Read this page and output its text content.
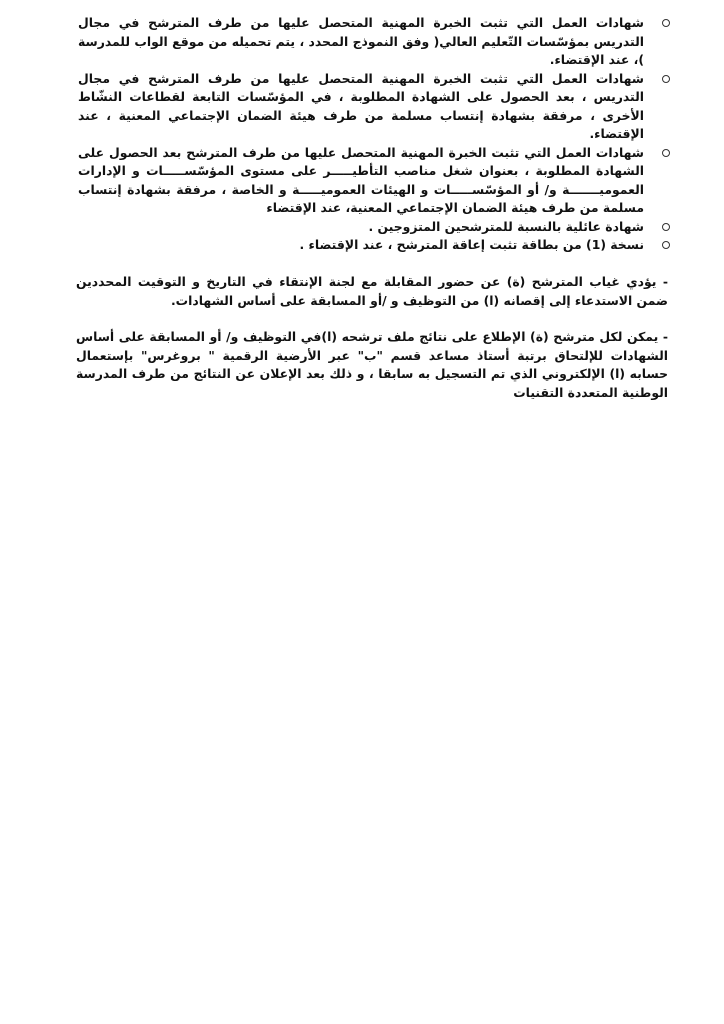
شهادات العمل التي تثبت الخبرة المهنية المتحصل عليها من طرف المترشح في مجال التدريس بمؤسّسات التّعليم العالي( وفق النموذج المحدد ، يتم تحميله من موقع الواب للمدرسة )، عند الإقتضاء.
شهادات العمل التي تثبت الخبرة المهنية المتحصل عليها من طرف المترشح في مجال التدريس ، بعد الحصول على الشهادة المطلوبة ، في المؤسّسات التابعة لقطاعات النشّاط الأخرى ، مرفقة بشهادة إنتساب مسلمة من طرف هيئة الضمان الإجتماعي المعنية ، عند الإقتضاء.
شهادات العمل التي تثبت الخبرة المهنية المتحصل عليها من طرف المترشح بعد الحصول على الشهادة المطلوبة ، بعنوان شغل مناصب التأطيـــــر على مستوى المؤسّســـــات و الإدارات العموميـــــــة و/ أو المؤسّســـــات و الهيئات العموميـــــة و الخاصة ، مرفقة بشهادة إنتساب مسلمة من طرف هيئة الضمان الإجتماعي المعنية، عند الإقتضاء
شهادة عائلية بالنسبة للمترشحين المتزوجين .
نسخة (1) من بطاقة تثبت إعاقة المترشح ، عند الإقتضاء .

- يؤدي غياب المترشح (ة) عن حضور المقابلة مع لجنة الإنتقاء في التاريخ و التوقيت المحددين ضمن الاستدعاء إلى إقصانه (ا) من التوظيف و /أو المسابقة على أساس الشهادات.

- يمكن لكل مترشح (ة) الإطلاع على نتائج ملف ترشحه (ا)في التوظيف و/ أو المسابقة على أساس الشهادات للإلتحاق برتبة أستاذ مساعد قسم "ب" عبر الأرضية الرقمية " بروغرس" بإستعمال حسابه (ا) الإلكتروني الذي تم التسجيل به سابقا ، و ذلك بعد الإعلان عن النتائج من طرف المدرسة الوطنية المتعددة التقنيات
